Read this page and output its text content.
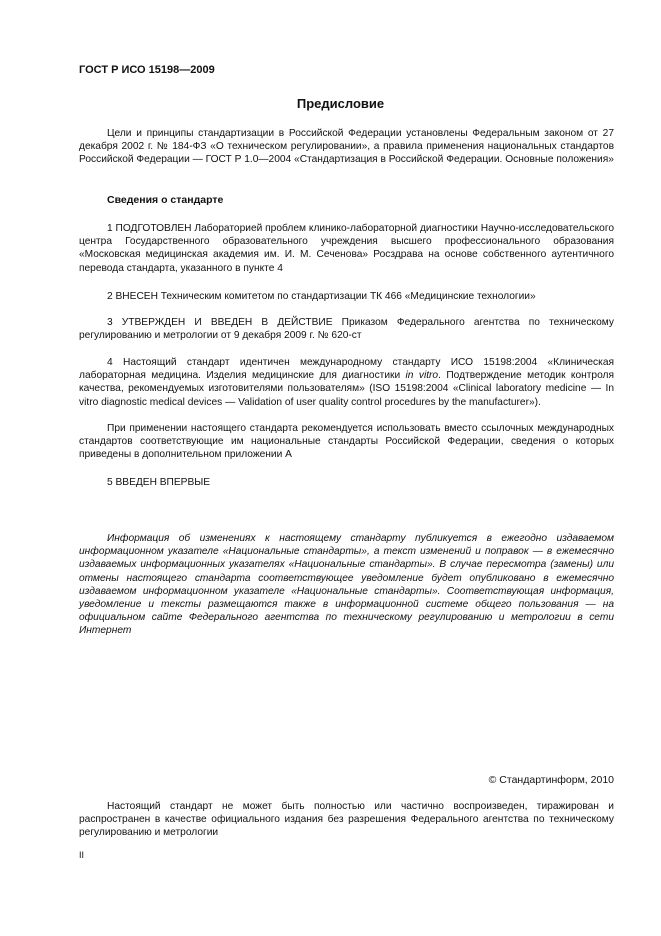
ГОСТ Р ИСО 15198—2009
Предисловие
Цели и принципы стандартизации в Российской Федерации установлены Федеральным законом от 27 декабря 2002 г. № 184-ФЗ «О техническом регулировании», а правила применения национальных стандартов Российской Федерации — ГОСТ Р 1.0—2004 «Стандартизация в Российской Федерации. Основные положения»
Сведения о стандарте
1 ПОДГОТОВЛЕН Лабораторией проблем клинико-лабораторной диагностики Научно-исследовательского центра Государственного образовательного учреждения высшего профессионального образования «Московская медицинская академия им. И. М. Сеченова» Росздрава на основе собственного аутентичного перевода стандарта, указанного в пункте 4
2 ВНЕСЕН Техническим комитетом по стандартизации ТК 466 «Медицинские технологии»
3 УТВЕРЖДЕН И ВВЕДЕН В ДЕЙСТВИЕ Приказом Федерального агентства по техническому регулированию и метрологии от 9 декабря 2009 г. № 620-ст
4 Настоящий стандарт идентичен международному стандарту ИСО 15198:2004 «Клиническая лабораторная медицина. Изделия медицинские для диагностики in vitro. Подтверждение методик контроля качества, рекомендуемых изготовителями пользователям» (ISO 15198:2004 «Clinical laboratory medicine — In vitro diagnostic medical devices — Validation of user quality control procedures by the manufacturer»).
При применении настоящего стандарта рекомендуется использовать вместо ссылочных международных стандартов соответствующие им национальные стандарты Российской Федерации, сведения о которых приведены в дополнительном приложении А
5 ВВЕДЕН ВПЕРВЫЕ
Информация об изменениях к настоящему стандарту публикуется в ежегодно издаваемом информационном указателе «Национальные стандарты», а текст изменений и поправок — в ежемесячно издаваемых информационных указателях «Национальные стандарты». В случае пересмотра (замены) или отмены настоящего стандарта соответствующее уведомление будет опубликовано в ежемесячно издаваемом информационном указателе «Национальные стандарты». Соответствующая информация, уведомление и тексты размещаются также в информационной системе общего пользования — на официальном сайте Федерального агентства по техническому регулированию и метрологии в сети Интернет
© Стандартинформ, 2010
Настоящий стандарт не может быть полностью или частично воспроизведен, тиражирован и распространен в качестве официального издания без разрешения Федерального агентства по техническому регулированию и метрологии
II
